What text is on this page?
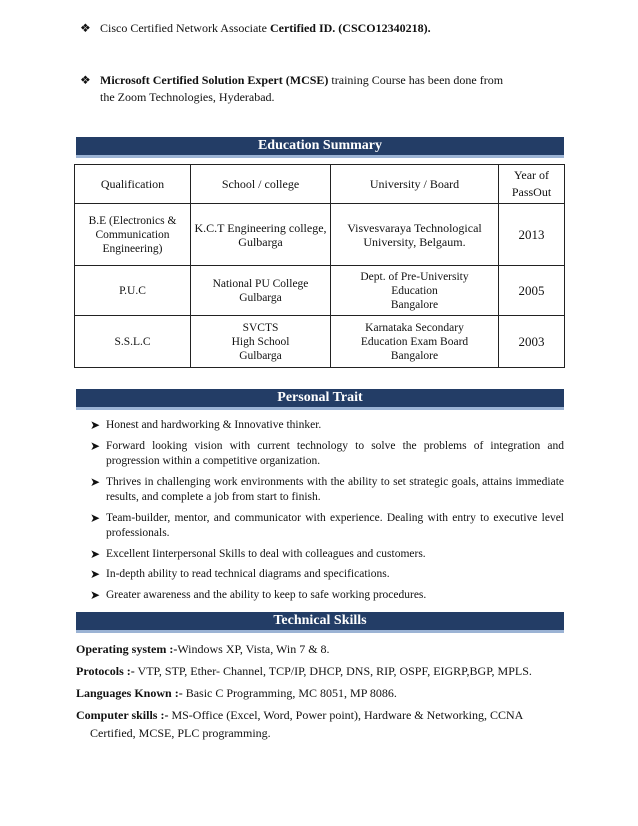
❖ Cisco Certified Network Associate Certified ID. (CSCO12340218).
❖ Microsoft Certified Solution Expert (MCSE) training Course has been done from
the Zoom Technologies, Hyderabad.
Education Summary
Qualification	School / college	University / Board	Year of
PassOut
B.E (Electronics &
Communication
Engineering)	K.C.T Engineering college,
Gulbarga	Visvesvaraya Technological
University, Belgaum.	2013
P.U.C	National PU College
Gulbarga	Dept. of Pre-University
Education
Bangalore	2005
S.S.L.C	SVCTS
High School
Gulbarga	Karnataka Secondary
Education Exam Board
Bangalore	2003
Personal Trait
➤ Honest and hardworking & Innovative thinker.
➤ Forward looking vision with current technology to solve the problems of integration and progression within a competitive organization.
➤ Thrives in challenging work environments with the ability to set strategic goals, attains immediate results, and complete a job from start to finish.
➤ Team-builder, mentor, and communicator with experience. Dealing with entry to executive level professionals.
➤ Excellent Iinterpersonal Skills to deal with colleagues and customers.
➤ In-depth ability to read technical diagrams and specifications.
➤ Greater awareness and the ability to keep to safe working procedures.
Technical Skills
Operating system :-Windows XP, Vista, Win 7 & 8.
Protocols :- VTP, STP, Ether- Channel, TCP/IP, DHCP, DNS, RIP, OSPF, EIGRP,BGP, MPLS.
Languages Known :- Basic C Programming, MC 8051, MP 8086.
Computer skills :- MS-Office (Excel, Word, Power point), Hardware & Networking, CCNA
Certified, MCSE, PLC programming.
